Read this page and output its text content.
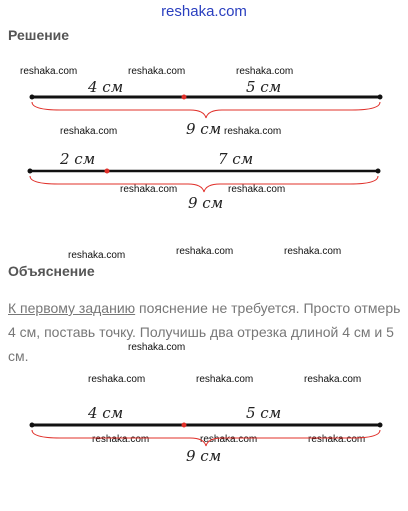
reshaka.com
Решение
reshaka.com	reshaka.com	reshaka.com
reshaka.com	reshaka.com
reshaka.com	reshaka.com
reshaka.com	reshaka.com	reshaka.com
reshaka.com
reshaka.com	reshaka.com	reshaka.com
reshaka.com	reshaka.com	reshaka.com
4 см	5 см
9 см
2 см	7 см
9 см
Объяснение
К первому заданию пояснение не требуется. Просто отмерь 4 см, поставь точку. Получишь два отрезка длиной 4 см и 5 см.
4 см	5 см
9 см
